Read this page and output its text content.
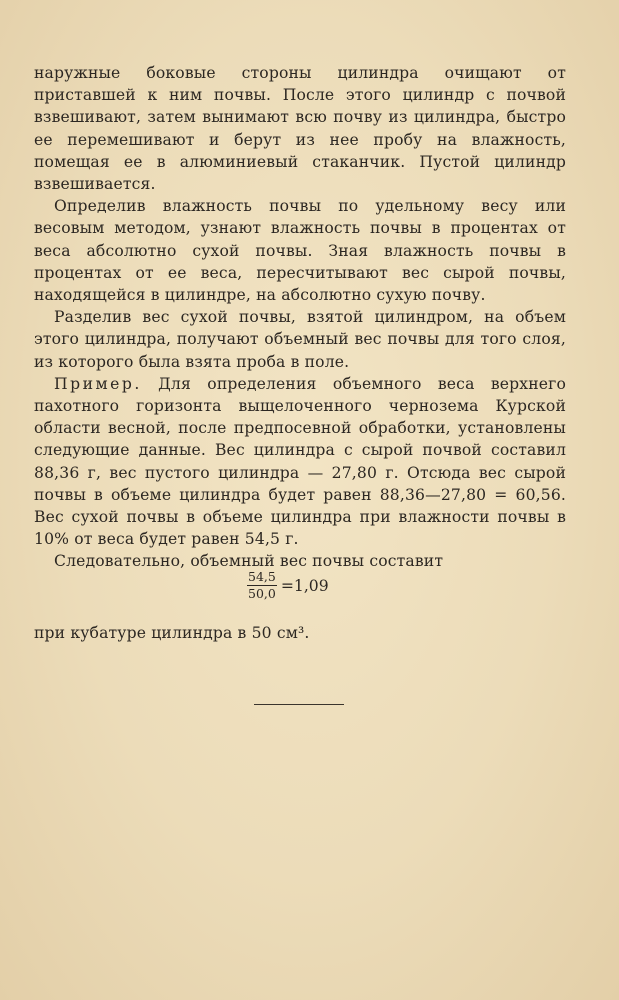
наружные боковые стороны цилиндра очищают от приставшей к ним почвы. После этого цилиндр с почвой взвешивают, затем вынимают всю почву из цилиндра, быстро ее перемешивают и берут из нее пробу на влажность, помещая ее в алюминиевый стаканчик. Пустой цилиндр взвешивается.

Определив влажность почвы по удельному весу или весовым методом, узнают влажность почвы в процентах от веса абсолютно сухой почвы. Зная влажность почвы в процентах от ее веса, пересчитывают вес сырой почвы, находящейся в цилиндре, на абсолютно сухую почву.

Разделив вес сухой почвы, взятой цилиндром, на объем этого цилиндра, получают объемный вес почвы для того слоя, из которого была взята проба в поле.

Пример. Для определения объемного веса верхнего пахотного горизонта выщелоченного чернозема Курской области весной, после предпосевной обработки, установлены следующие данные. Вес цилиндра с сырой почвой составил 88,36 г, вес пустого цилиндра — 27,80 г. Отсюда вес сырой почвы в объеме цилиндра будет равен 88,36—27,80 = 60,56. Вес сухой почвы в объеме цилиндра при влажности почвы в 10% от веса будет равен 54,5 г.

Следовательно, объемный вес почвы составит

$\frac{54,5}{50,0} =1,09$
при кубатуре цилиндра в 50 см³.
